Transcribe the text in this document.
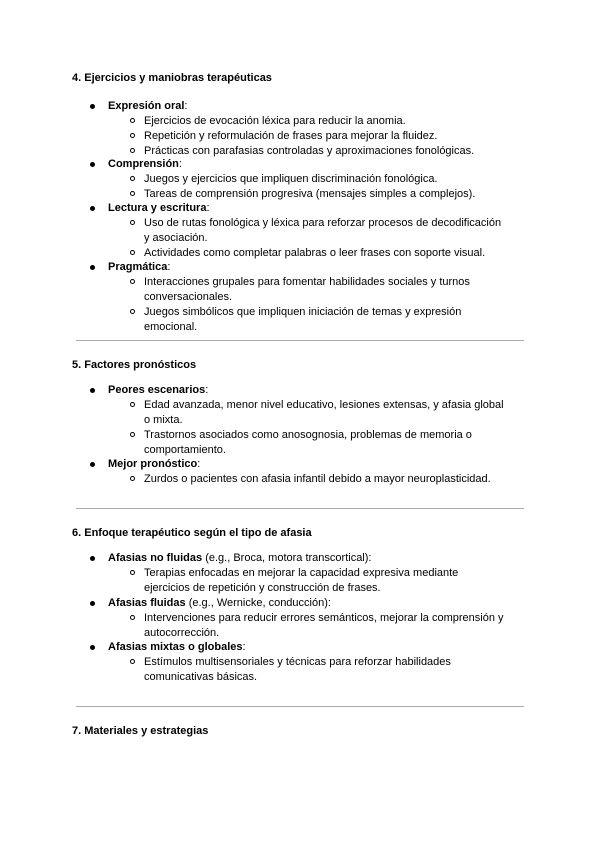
4. Ejercicios y maniobras terapéuticas
Expresión oral:
Ejercicios de evocación léxica para reducir la anomia.
Repetición y reformulación de frases para mejorar la fluidez.
Prácticas con parafasias controladas y aproximaciones fonológicas.
Comprensión:
Juegos y ejercicios que impliquen discriminación fonológica.
Tareas de comprensión progresiva (mensajes simples a complejos).
Lectura y escritura:
Uso de rutas fonológica y léxica para reforzar procesos de decodificación y asociación.
Actividades como completar palabras o leer frases con soporte visual.
Pragmática:
Interacciones grupales para fomentar habilidades sociales y turnos conversacionales.
Juegos simbólicos que impliquen iniciación de temas y expresión emocional.
5. Factores pronósticos
Peores escenarios:
Edad avanzada, menor nivel educativo, lesiones extensas, y afasia global o mixta.
Trastornos asociados como anosognosia, problemas de memoria o comportamiento.
Mejor pronóstico:
Zurdos o pacientes con afasia infantil debido a mayor neuroplasticidad.
6. Enfoque terapéutico según el tipo de afasia
Afasias no fluidas (e.g., Broca, motora transcortical):
Terapias enfocadas en mejorar la capacidad expresiva mediante ejercicios de repetición y construcción de frases.
Afasias fluidas (e.g., Wernicke, conducción):
Intervenciones para reducir errores semánticos, mejorar la comprensión y autocorrección.
Afasias mixtas o globales:
Estímulos multisensoriales y técnicas para reforzar habilidades comunicativas básicas.
7. Materiales y estrategias
